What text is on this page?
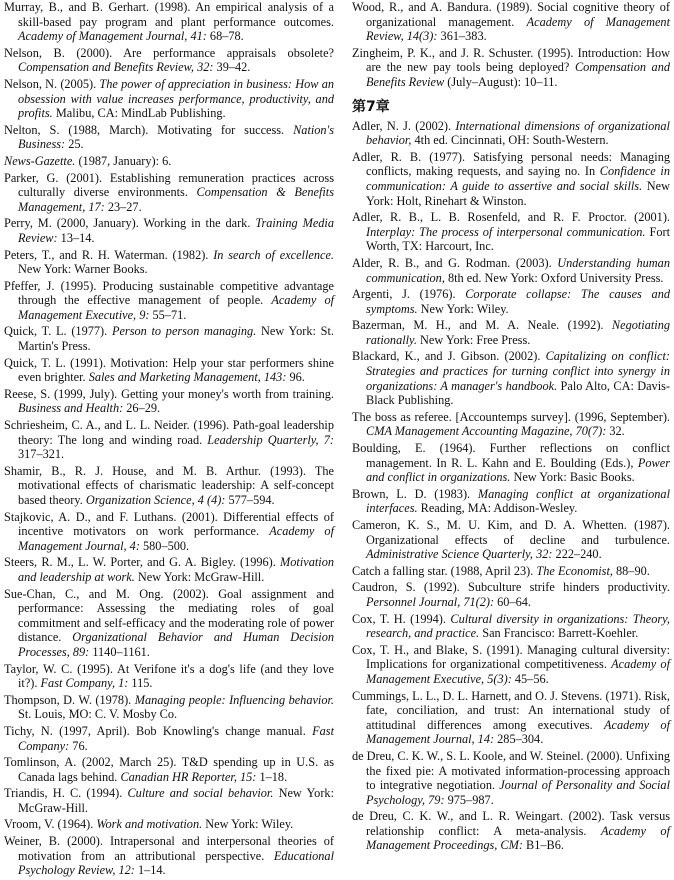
Murray, B., and B. Gerhart. (1998). An empirical analysis of a skill-based pay program and plant performance outcomes. Academy of Management Journal, 41: 68–78.

Nelson, B. (2000). Are performance appraisals obsolete? Compensation and Benefits Review, 32: 39–42.

Nelson, N. (2005). The power of appreciation in business: How an obsession with value increases performance, productivity, and profits. Malibu, CA: MindLab Publishing.

Nelton, S. (1988, March). Motivating for success. Nation's Business: 25.

News-Gazette. (1987, January): 6.

Parker, G. (2001). Establishing remuneration practices across culturally diverse environments. Compensation & Benefits Management, 17: 23–27.

Perry, M. (2000, January). Working in the dark. Training Media Review: 13–14.

Peters, T., and R. H. Waterman. (1982). In search of excellence. New York: Warner Books.

Pfeffer, J. (1995). Producing sustainable competitive advantage through the effective management of people. Academy of Management Executive, 9: 55–71.

Quick, T. L. (1977). Person to person managing. New York: St. Martin's Press.

Quick, T. L. (1991). Motivation: Help your star performers shine even brighter. Sales and Marketing Management, 143: 96.

Reese, S. (1999, July). Getting your money's worth from training. Business and Health: 26–29.

Schriesheim, C. A., and L. L. Neider. (1996). Path-goal leadership theory: The long and winding road. Leadership Quarterly, 7: 317–321.

Shamir, B., R. J. House, and M. B. Arthur. (1993). The motivational effects of charismatic leadership: A self-concept based theory. Organization Science, 4 (4): 577–594.

Stajkovic, A. D., and F. Luthans. (2001). Differential effects of incentive motivators on work performance. Academy of Management Journal, 4: 580–500.

Steers, R. M., L. W. Porter, and G. A. Bigley. (1996). Motivation and leadership at work. New York: McGraw-Hill.

Sue-Chan, C., and M. Ong. (2002). Goal assignment and performance: Assessing the mediating roles of goal commitment and self-efficacy and the moderating role of power distance. Organizational Behavior and Human Decision Processes, 89: 1140–1161.

Taylor, W. C. (1995). At Verifone it's a dog's life (and they love it?). Fast Company, 1: 115.

Thompson, D. W. (1978). Managing people: Influencing behavior. St. Louis, MO: C. V. Mosby Co.

Tichy, N. (1997, April). Bob Knowling's change manual. Fast Company: 76.

Tomlinson, A. (2002, March 25). T&D spending up in U.S. as Canada lags behind. Canadian HR Reporter, 15: 1–18.

Triandis, H. C. (1994). Culture and social behavior. New York: McGraw-Hill.

Vroom, V. (1964). Work and motivation. New York: Wiley.

Weiner, B. (2000). Intrapersonal and interpersonal theories of motivation from an attributional perspective. Educational Psychology Review, 12: 1–14.

Wood, R., and A. Bandura. (1989). Social cognitive theory of organizational management. Academy of Management Review, 14(3): 361–383.

Zingheim, P. K., and J. R. Schuster. (1995). Introduction: How are the new pay tools being deployed? Compensation and Benefits Review (July–August): 10–11.

第7章

Adler, N. J. (2002). International dimensions of organizational behavior, 4th ed. Cincinnati, OH: South-Western.

Adler, R. B. (1977). Satisfying personal needs: Managing conflicts, making requests, and saying no. In Confidence in communication: A guide to assertive and social skills. New York: Holt, Rinehart & Winston.

Adler, R. B., L. B. Rosenfeld, and R. F. Proctor. (2001). Interplay: The process of interpersonal communication. Fort Worth, TX: Harcourt, Inc.

Alder, R. B., and G. Rodman. (2003). Understanding human communication, 8th ed. New York: Oxford University Press.

Argenti, J. (1976). Corporate collapse: The causes and symptoms. New York: Wiley.

Bazerman, M. H., and M. A. Neale. (1992). Negotiating rationally. New York: Free Press.

Blackard, K., and J. Gibson. (2002). Capitalizing on conflict: Strategies and practices for turning conflict into synergy in organizations: A manager's handbook. Palo Alto, CA: Davis-Black Publishing.

The boss as referee. [Accountemps survey]. (1996, September). CMA Management Accounting Magazine, 70(7): 32.

Boulding, E. (1964). Further reflections on conflict management. In R. L. Kahn and E. Boulding (Eds.), Power and conflict in organizations. New York: Basic Books.

Brown, L. D. (1983). Managing conflict at organizational interfaces. Reading, MA: Addison-Wesley.

Cameron, K. S., M. U. Kim, and D. A. Whetten. (1987). Organizational effects of decline and turbulence. Administrative Science Quarterly, 32: 222–240.

Catch a falling star. (1988, April 23). The Economist, 88–90.

Caudron, S. (1992). Subculture strife hinders productivity. Personnel Journal, 71(2): 60–64.

Cox, T. H. (1994). Cultural diversity in organizations: Theory, research, and practice. San Francisco: Barrett-Koehler.

Cox, T. H., and Blake, S. (1991). Managing cultural diversity: Implications for organizational competitiveness. Academy of Management Executive, 5(3): 45–56.

Cummings, L. L., D. L. Harnett, and O. J. Stevens. (1971). Risk, fate, conciliation, and trust: An international study of attitudinal differences among executives. Academy of Management Journal, 14: 285–304.

de Dreu, C. K. W., S. L. Koole, and W. Steinel. (2000). Unfixing the fixed pie: A motivated information-processing approach to integrative negotiation. Journal of Personality and Social Psychology, 79: 975–987.

de Dreu, C. K. W., and L. R. Weingart. (2002). Task versus relationship conflict: A meta-analysis. Academy of Management Proceedings, CM: B1–B6.
